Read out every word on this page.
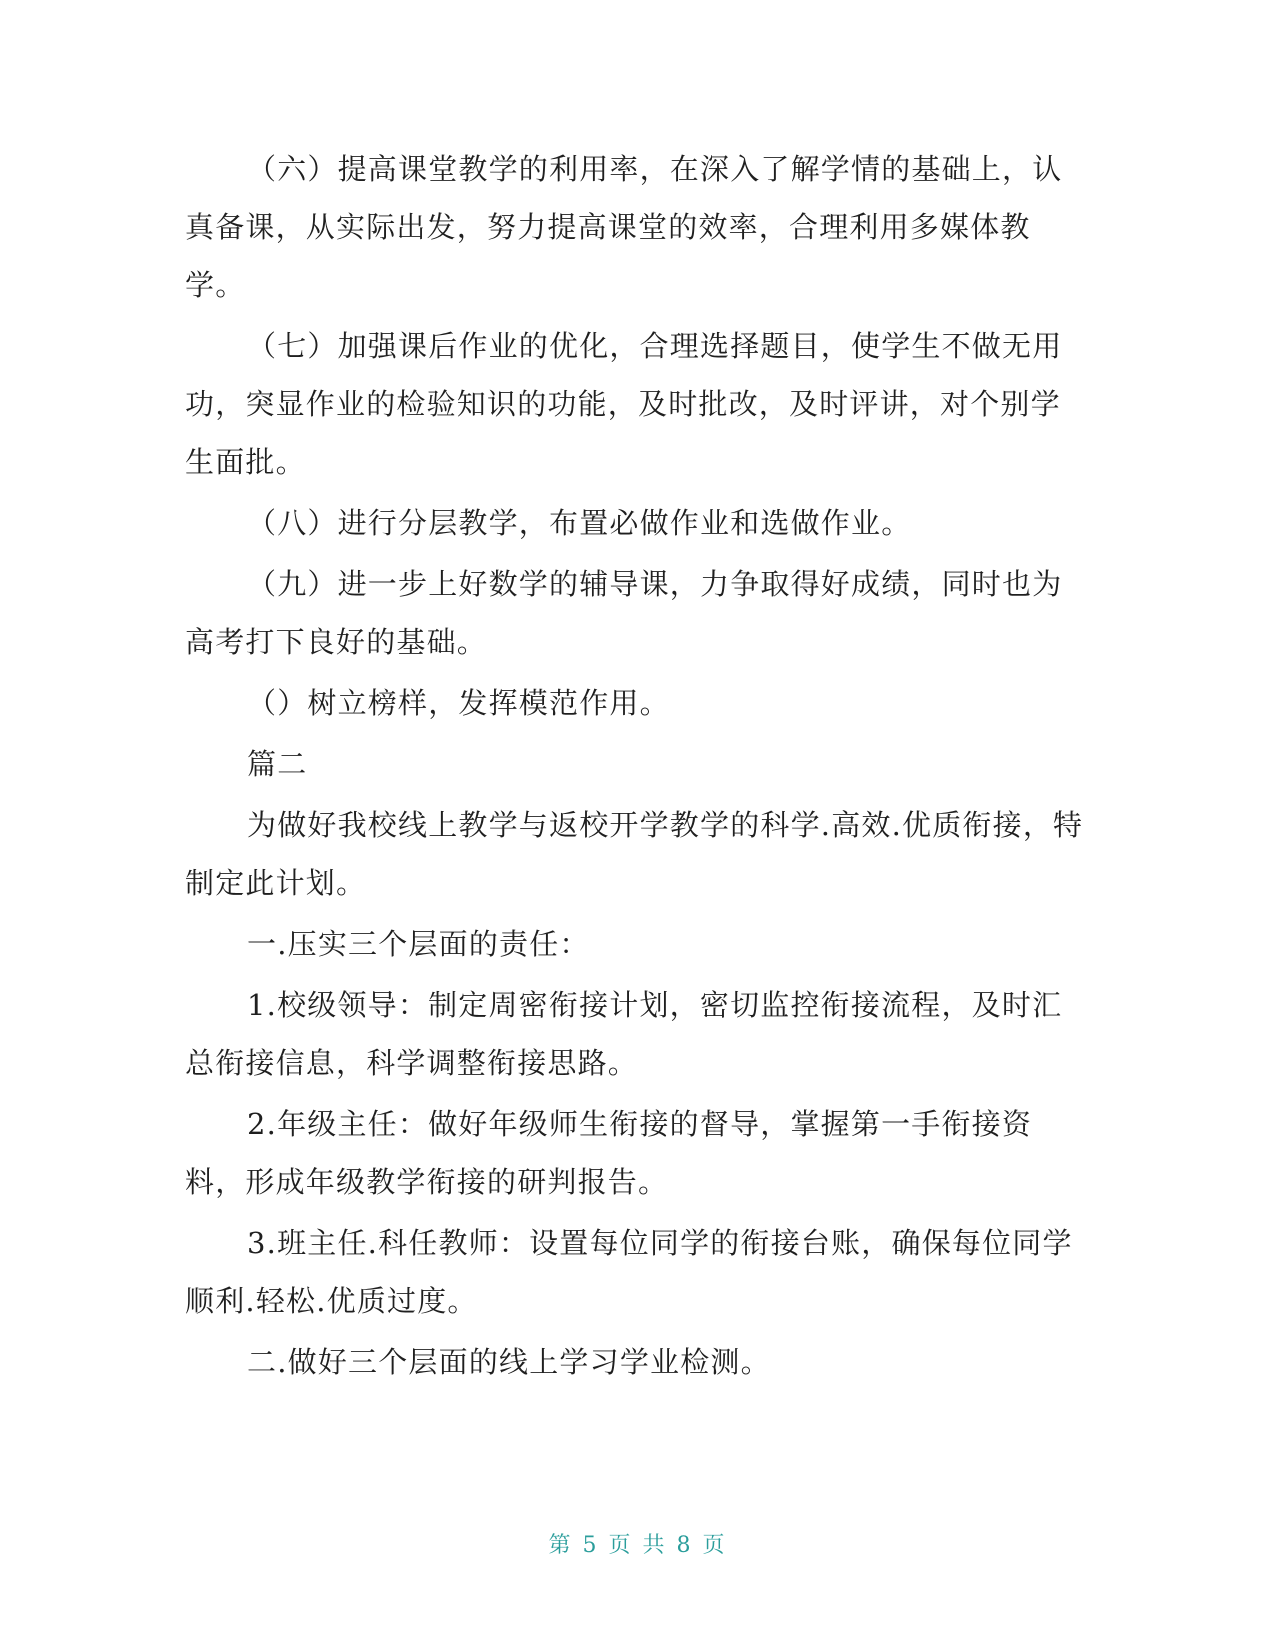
（六）提高课堂教学的利用率，在深入了解学情的基础上，认真备课，从实际出发，努力提高课堂的效率，合理利用多媒体教学。

（七）加强课后作业的优化，合理选择题目，使学生不做无用功，突显作业的检验知识的功能，及时批改，及时评讲，对个别学生面批。

（八）进行分层教学，布置必做作业和选做作业。

（九）进一步上好数学的辅导课，力争取得好成绩，同时也为高考打下良好的基础。

（）树立榜样，发挥模范作用。

篇二

为做好我校线上教学与返校开学教学的科学.高效.优质衔接，特制定此计划。

一.压实三个层面的责任：

1.校级领导：制定周密衔接计划，密切监控衔接流程，及时汇总衔接信息，科学调整衔接思路。

2.年级主任：做好年级师生衔接的督导，掌握第一手衔接资料，形成年级教学衔接的研判报告。

3.班主任.科任教师：设置每位同学的衔接台账，确保每位同学顺利.轻松.优质过度。

二.做好三个层面的线上学习学业检测。

第 5 页 共 8 页
